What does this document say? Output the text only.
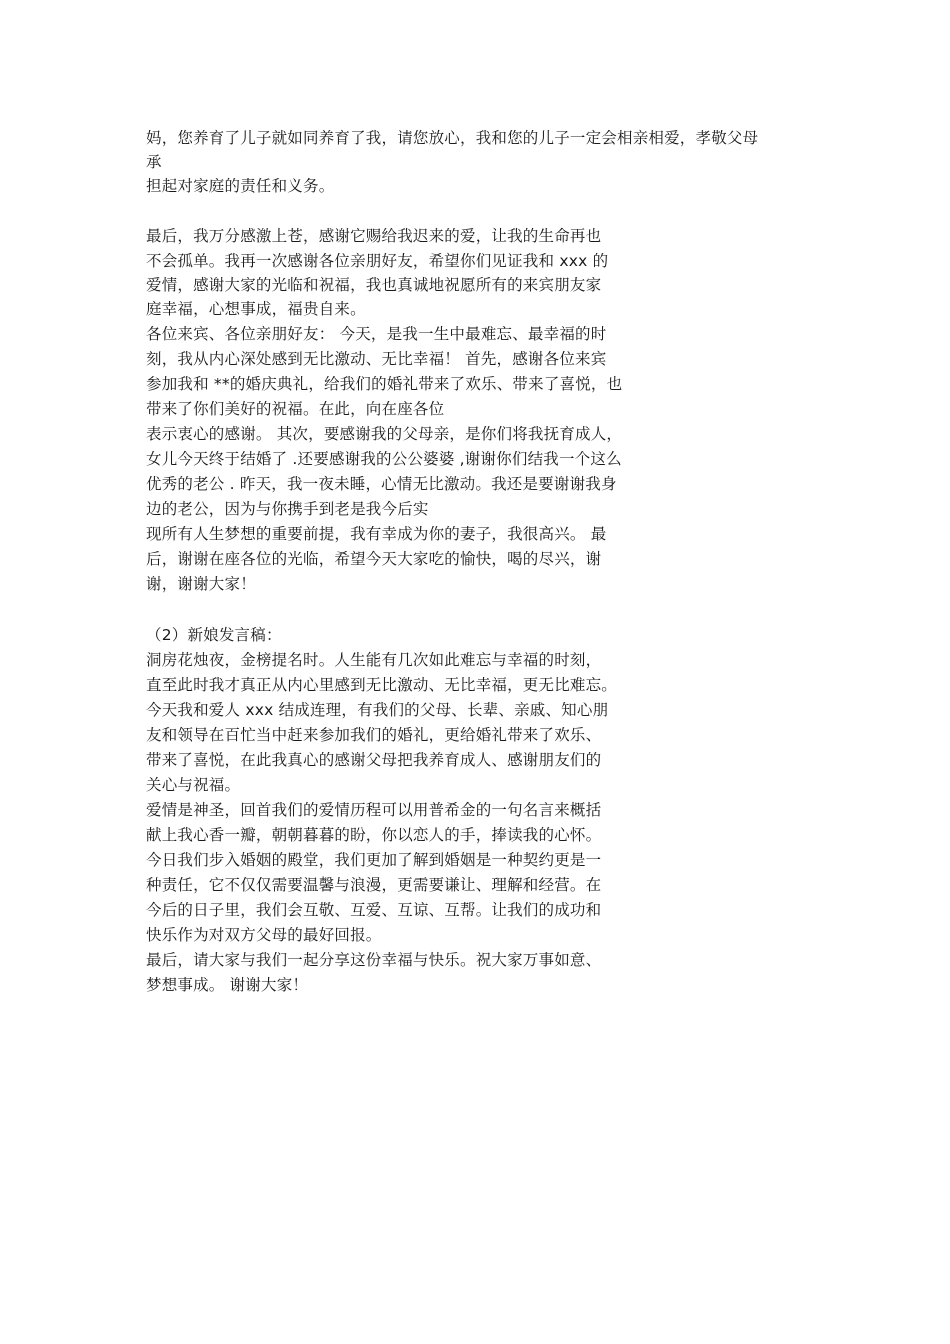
妈，您养育了儿子就如同养育了我，请您放心，我和您的儿子一定会相亲相爱，孝敬父母
承
担起对家庭的责任和义务。
最后，我万分感激上苍，感谢它赐给我迟来的爱，让我的生命再也
不会孤单。我再一次感谢各位亲朋好友，希望你们见证我和 xxx 的
爱情，感谢大家的光临和祝福，我也真诚地祝愿所有的来宾朋友家
庭幸福，心想事成，福贵自来。
各位来宾、各位亲朋好友： 今天，是我一生中最难忘、最幸福的时
刻，我从内心深处感到无比激动、无比幸福！ 首先，感谢各位来宾
参加我和 **的婚庆典礼，给我们的婚礼带来了欢乐、带来了喜悦，也
带来了你们美好的祝福。在此，向在座各位
表示衷心的感谢。 其次，要感谢我的父母亲，是你们将我抚育成人，
女儿今天终于结婚了 .还要感谢我的公公婆婆 ,谢谢你们结我一个这么
优秀的老公 . 昨天，我一夜未睡，心情无比激动。我还是要谢谢我身
边的老公，因为与你携手到老是我今后实
现所有人生梦想的重要前提，我有幸成为你的妻子，我很高兴。 最
后，谢谢在座各位的光临，希望今天大家吃的愉快，喝的尽兴，谢
谢，谢谢大家！
（2）新娘发言稿：
洞房花烛夜，金榜提名时。人生能有几次如此难忘与幸福的时刻，
直至此时我才真正从内心里感到无比激动、无比幸福，更无比难忘。
今天我和爱人 xxx 结成连理，有我们的父母、长辈、亲戚、知心朋
友和领导在百忙当中赶来参加我们的婚礼，更给婚礼带来了欢乐、
带来了喜悦，在此我真心的感谢父母把我养育成人、感谢朋友们的
关心与祝福。
爱情是神圣，回首我们的爱情历程可以用普希金的一句名言来概括
献上我心香一瓣，朝朝暮暮的盼，你以恋人的手，捧读我的心怀。
今日我们步入婚姻的殿堂，我们更加了解到婚姻是一种契约更是一
种责任，它不仅仅需要温馨与浪漫，更需要谦让、理解和经营。在
今后的日子里，我们会互敬、互爱、互谅、互帮。让我们的成功和
快乐作为对双方父母的最好回报。
最后，请大家与我们一起分享这份幸福与快乐。祝大家万事如意、
梦想事成。 谢谢大家！
